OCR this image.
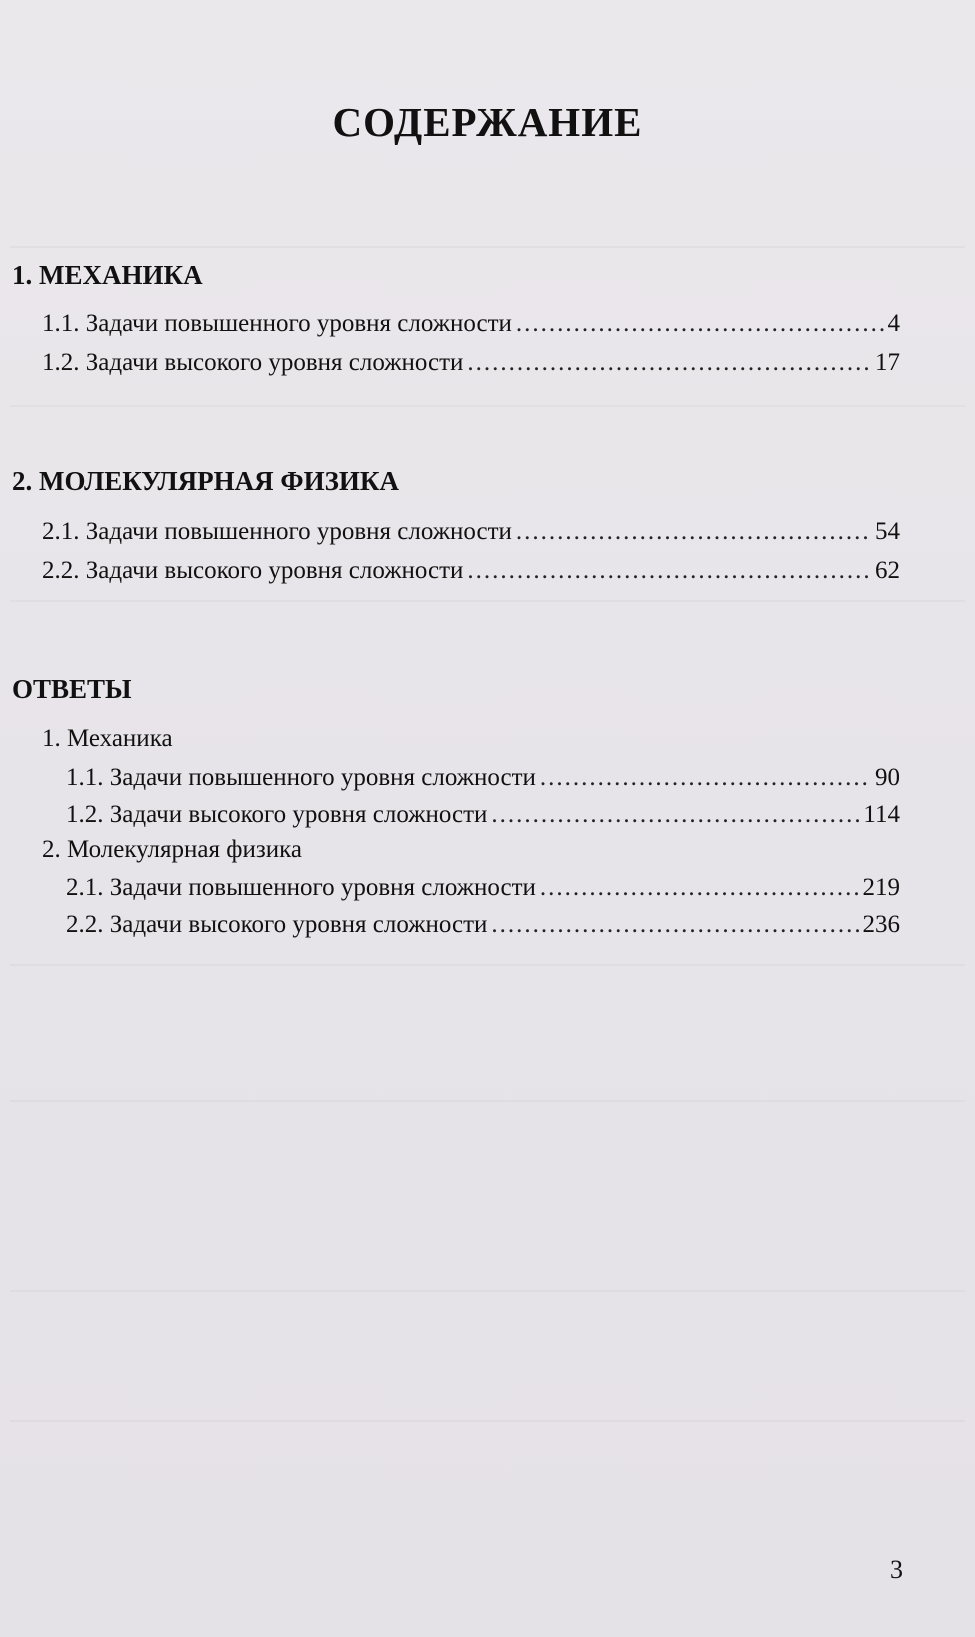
СОДЕРЖАНИЕ
1. МЕХАНИКА
1.1. Задачи повышенного уровня сложности .....	4
1.2. Задачи высокого уровня сложности .....	17
2. МОЛЕКУЛЯРНАЯ ФИЗИКА
2.1. Задачи повышенного уровня сложности .....	54
2.2. Задачи высокого уровня сложности .....	62
ОТВЕТЫ
1. Механика
1.1. Задачи повышенного уровня сложности .....	90
1.2. Задачи высокого уровня сложности .....	114
2. Молекулярная физика
2.1. Задачи повышенного уровня сложности .....	219
2.2. Задачи высокого уровня сложности .....	236
3
